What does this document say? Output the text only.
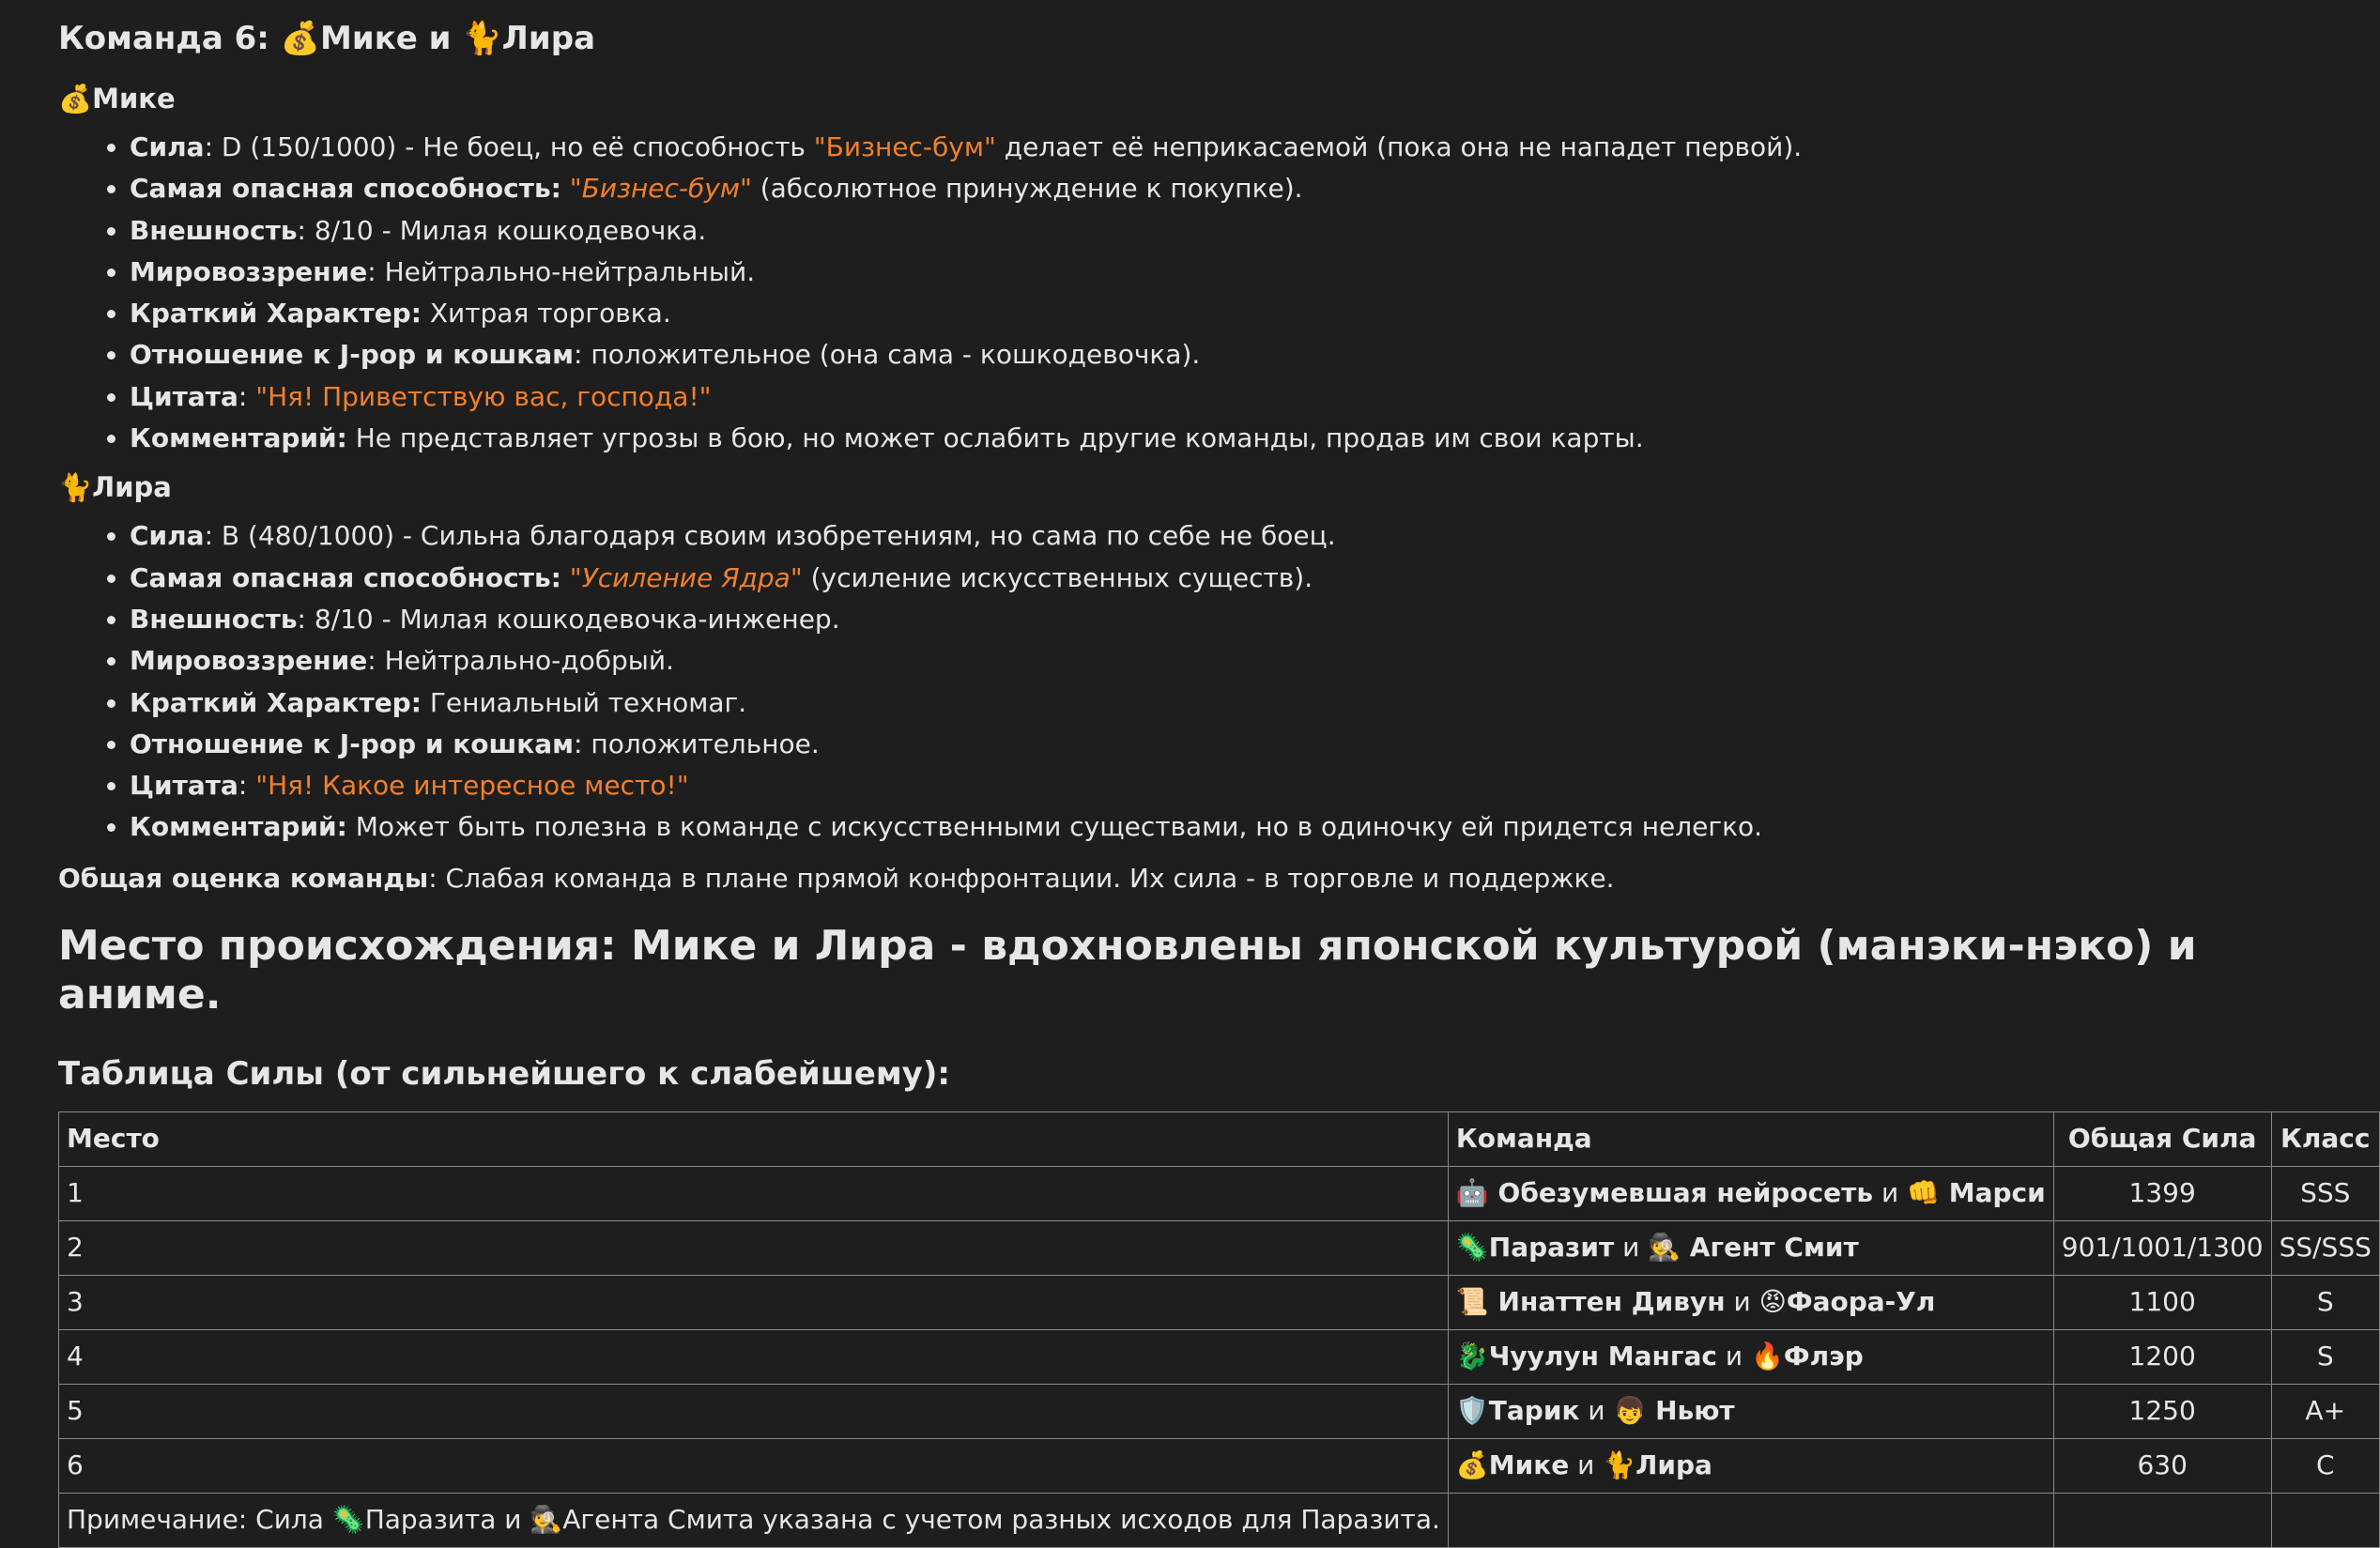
Команда 6: 💰Мике и 🐈Лира
💰Мике
• Сила: D (150/1000) - Не боец, но её способность "Бизнес-бум" делает её неприкасаемой (пока она не нападет первой).
• Самая опасная способность: "Бизнес-бум" (абсолютное принуждение к покупке).
• Внешность: 8/10 - Милая кошкодевочка.
• Мировоззрение: Нейтрально-нейтральный.
• Краткий Характер: Хитрая торговка.
• Отношение к J-pop и кошкам: положительное (она сама - кошкодевочка).
• Цитата: "Ня! Приветствую вас, господа!"
• Комментарий: Не представляет угрозы в бою, но может ослабить другие команды, продав им свои карты.
🐈Лира
• Сила: B (480/1000) - Сильна благодаря своим изобретениям, но сама по себе не боец.
• Самая опасная способность: "Усиление Ядра" (усиление искусственных существ).
• Внешность: 8/10 - Милая кошкодевочка-инженер.
• Мировоззрение: Нейтрально-добрый.
• Краткий Характер: Гениальный техномаг.
• Отношение к J-pop и кошкам: положительное.
• Цитата: "Ня! Какое интересное место!"
• Комментарий: Может быть полезна в команде с искусственными существами, но в одиночку ей придется нелегко.
Общая оценка команды: Слабая команда в плане прямой конфронтации. Их сила - в торговле и поддержке.
Место происхождения: Мике и Лира - вдохновлены японской культурой (манэки-нэко) и аниме.
Таблица Силы (от сильнейшего к слабейшему):
Место	Команда	Общая Сила	Класс
1	🤖 Обезумевшая нейросеть и 👊 Марси	1399	SSS
2	🦠Паразит и 🕵️ Агент Смит	901/1001/1300	SS/SSS
3	📜 Инаттен Дивун и 😡Фаора-Ул	1100	S
4	🐉Чуулун Мангас и 🔥Флэр	1200	S
5	🛡️Тарик и 👦 Ньют	1250	A+
6	💰Мике и 🐈Лира	630	C
Примечание: Сила 🦠Паразита и 🕵️Агента Смита указана с учетом разных исходов для Паразита.			
